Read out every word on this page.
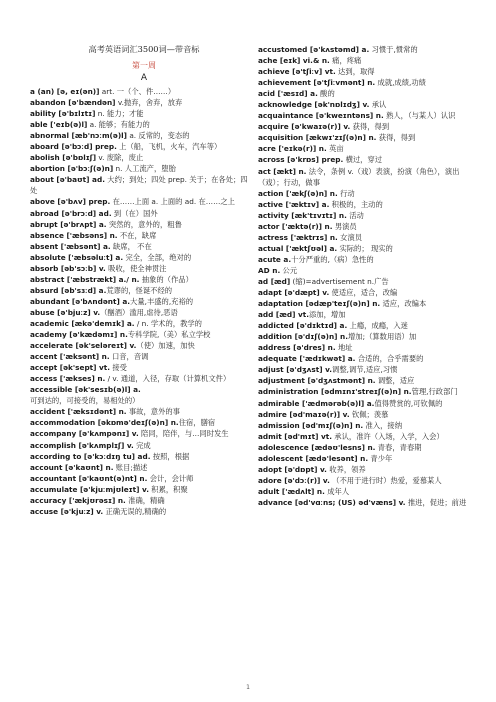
高考英语词汇3500词—带音标
第一周
A
a (an) [ə, eɪ(ən)] art. 一（个、件……）
abandon [ə'bændən] v.抛弃，舍弃，放弃
ability [ə'bɪlɪtɪ] n. 能力；才能
able ['eɪb(ə)l] a. 能够；有能力的
abnormal [æb'nɔːm(ə)l] a. 反常的，变态的
aboard [ə'bɔːd] prep. 上（船，飞机，火车，汽车等）
abolish [ə'bɒlɪʃ] v. 废除，废止
abortion [ə'bɔːʃ(ə)n] n. 人工流产，堕胎
about [ə'baʊt] ad. 大约；到处；四处 prep. 关于；在各处；四处
above [ə'bʌv] prep. 在……上面 a. 上面的 ad. 在……之上
abroad [ə'brɔːd] ad. 到（在）国外
abrupt [ə'brʌpt] a. 突然的，意外的，粗鲁
absence ['æbsəns] n. 不在，缺席
absent ['æbsənt] a. 缺席， 不在
absolute ['æbsəluːt] a. 完全，全部，绝对的
absorb [əb'sɔːb] v. 吸收，使全神贯注
abstract ['æbstrækt] a./ n. 抽象的（作品）
absurd [əb'sɜːd] a.荒谬的，怪诞不经的
abundant [ə'bʌndənt] a.大量,丰盛的,充裕的
abuse [ə'bjuːz] v.（酗酒）滥用,虐待,恶语
academic [ækə'demɪk] a. / n. 学术的，教学的
academy [ə'kædəmɪ] n.专科学院,（美）私立学校
accelerate [ək'seləreɪt] v.（使）加速，加快
accent ['æksənt] n. 口音，音调
accept [ək'sept] vt. 接受
access ['ækses] n. / v. 通道，入径，存取（计算机文件）
accessible [ək'sesɪb(ə)l] a. 可到达的，可接受的，易相处的）
accident ['æksɪdənt] n. 事故，意外的事
accommodation [əkɒmə'deɪʃ(ə)n] n.住宿，膳宿
accompany [ə'kʌmpənɪ] v. 陪同，陪伴，与…同时发生
accomplish [ə'kʌmplɪʃ] v. 完成
according to [ə'kɔːdɪŋ tu] ad. 按照，根据
account [ə'kaʊnt] n. 账目;描述
accountant [ə'kaʊnt(ə)nt] n. 会计，会计师
accumulate [ə'kjuːmjʊleɪt] v. 积累，积聚
accuracy ['ækjʊrəsɪ] n. 准确，精确
accuse [ə'kjuːz] v. 正确无误的,精确的
accustomed [ə'kʌstəmd] a. 习惯于,惯常的
ache [eɪk] vi.& n. 痛，疼痛
achieve [ə'tʃiːv] vt. 达到，取得
achievement [ə'tʃiːvmənt] n. 成就,成绩,功绩
acid ['æsɪd] a. 酸的
acknowledge [ək'nɒlɪdʒ] v. 承认
acquaintance [ə'kweɪntəns] n. 熟人，（与某人）认识
acquire [ə'kwaɪə(r)] v. 获得，得到
acquisition [ækwɪ'zɪʃ(ə)n] n. 获得，得到
acre ['eɪkə(r)] n. 英亩
across [ə'krɒs] prep. 横过，穿过
act [ækt] n. 法令，条例 v.（戏）表演，扮演（角色），演出（戏）；行动，做事
action ['ækʃ(ə)n] n. 行动
active ['æktɪv] a. 积极的，主动的
activity [æk'tɪvɪtɪ] n. 活动
actor ['æktə(r)] n. 男演员
actress ['æktrɪs] n. 女演员
actual ['æktʃʊəl] a. 实际的； 现实的
acute a.十分严重的,（病）急性的
AD n. 公元
ad [æd] (缩)=advertisement n.广告
adapt [ə'dæpt] v. 使适应，适合，改编
adaptation [ədæp'teɪʃ(ə)n] n. 适应，改编本
add [æd] vt.添加，增加
addicted [ə'dɪktɪd] a. 上瘾，成瘾，入迷
addition [ə'dɪʃ(ə)n] n.增加;（算数用语）加
address [ə'dres] n. 地址
adequate ['ædɪkwət] a. 合适的，合乎需要的
adjust [ə'dʒʌst] v.调整,调节,适应,习惯
adjustment [ə'dʒʌstmənt] n. 调整，适应
administration [ədmɪnɪ'streɪʃ(ə)n] n.管理,行政部门
admirable ['ædmərəb(ə)l] a.值得赞赏的,可钦佩的
admire [əd'maɪə(r)] v. 钦佩；羡慕
admission [əd'mɪʃ(ə)n] n. 准入，接纳
admit [əd'mɪt] vt. 承认，准许（入场，入学，入会）
adolescence [ædəʊ'lesns] n. 青春，青春期
adolescent [ædə'lesənt] n. 青少年
adopt [ə'dɒpt] v. 收养，领养
adore [ə'dɔː(r)] v. （不用于进行时）热爱，爱慕某人
adult ['ædʌlt] n. 成年人
advance [əd'vɑːns; (US) əd'væns] v. 推进，促进；前进
1
